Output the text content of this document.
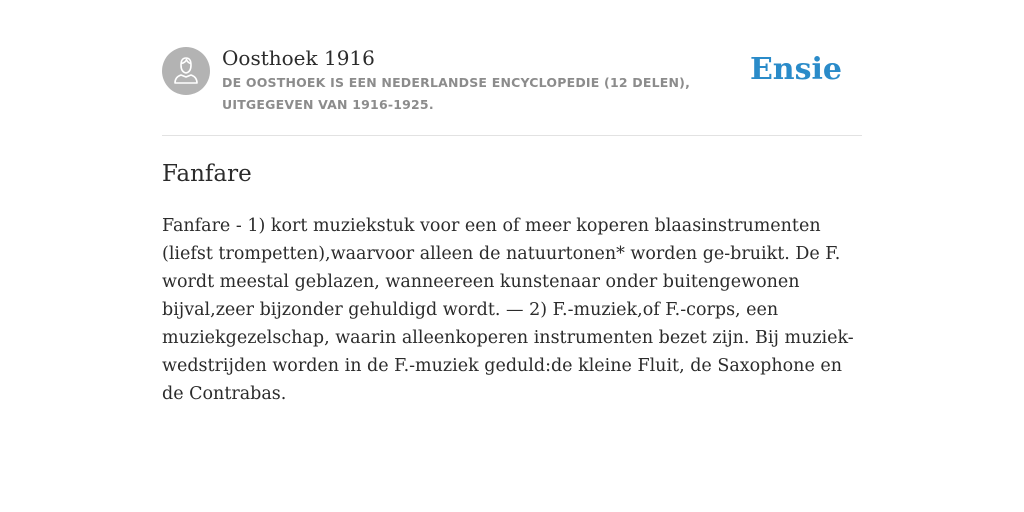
Oosthoek 1916
DE OOSTHOEK IS EEN NEDERLANDSE ENCYCLOPEDIE (12 DELEN), UITGEGEVEN VAN 1916-1925.
Ensie
Fanfare

Fanfare - 1) kort muziekstuk voor een of meer koperen blaasinstrumenten (liefst trompetten),waarvoor alleen de natuurtonen* worden ge-bruikt. De F. wordt meestal geblazen, wanneereen kunstenaar onder buitengewonen bijval,zeer bijzonder gehuldigd wordt. — 2) F.-muziek,of F.-corps, een muziekgezelschap, waarin alleenkoperen instrumenten bezet zijn. Bij muziek-wedstrijden worden in de F.-muziek geduld:de kleine Fluit, de Saxophone en de Contrabas.
